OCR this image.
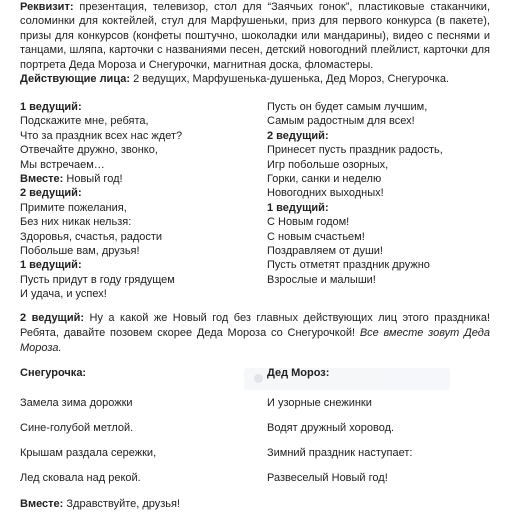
Реквизит: презентация, телевизор, стол для “Заячьих гонок”, пластиковые стаканчики, соломинки для коктейлей, стул для Марфушеньки, приз для первого конкурса (в пакете), призы для конкурсов (конфеты поштучно, шоколадки или мандарины), видео с песнями и танцами, шляпа, карточки с названиями песен, детский новогодний плейлист, карточки для портрета Деда Мороза и Снегурочки, магнитная доска, фломастеры.

Действующие лица: 2 ведущих, Марфушенька-душенька, Дед Мороз, Снегурочка.

1 ведущий:
Подскажите мне, ребята,
Что за праздник всех нас ждет?
Отвечайте дружно, звонко,
Мы встречаем…
Вместе: Новый год!
2 ведущий:
Примите пожелания,
Без них никак нельзя:
Здоровья, счастья, радости
Побольше вам, друзья!
1 ведущий:
Пусть придут в году грядущем
И удача, и успех!
Пусть он будет самым лучшим,
Самым радостным для всех!
2 ведущий:
Принесет пусть праздник радость,
Игр побольше озорных,
Горки, санки и неделю
Новогодних выходных!
1 ведущий:
С Новым годом!
С новым счастьем!
Поздравляем от души!
Пусть отметят праздник дружно
Взрослые и малыши!

2 ведущий: Ну а какой же Новый год без главных действующих лиц этого праздника! Ребята, давайте позовем скорее Деда Мороза со Снегурочкой! Все вместе зовут Деда Мороза.

Снегурочка:	Дед Мороз:
Замела зима дорожки	И узорные снежинки
Сине-голубой метлой.	Водят дружный хоровод.
Крышам раздала сережки,	Зимний праздник наступает:
Лед сковала над рекой.	Развеселый Новый год!
Вместе: Здравствуйте, друзья!
